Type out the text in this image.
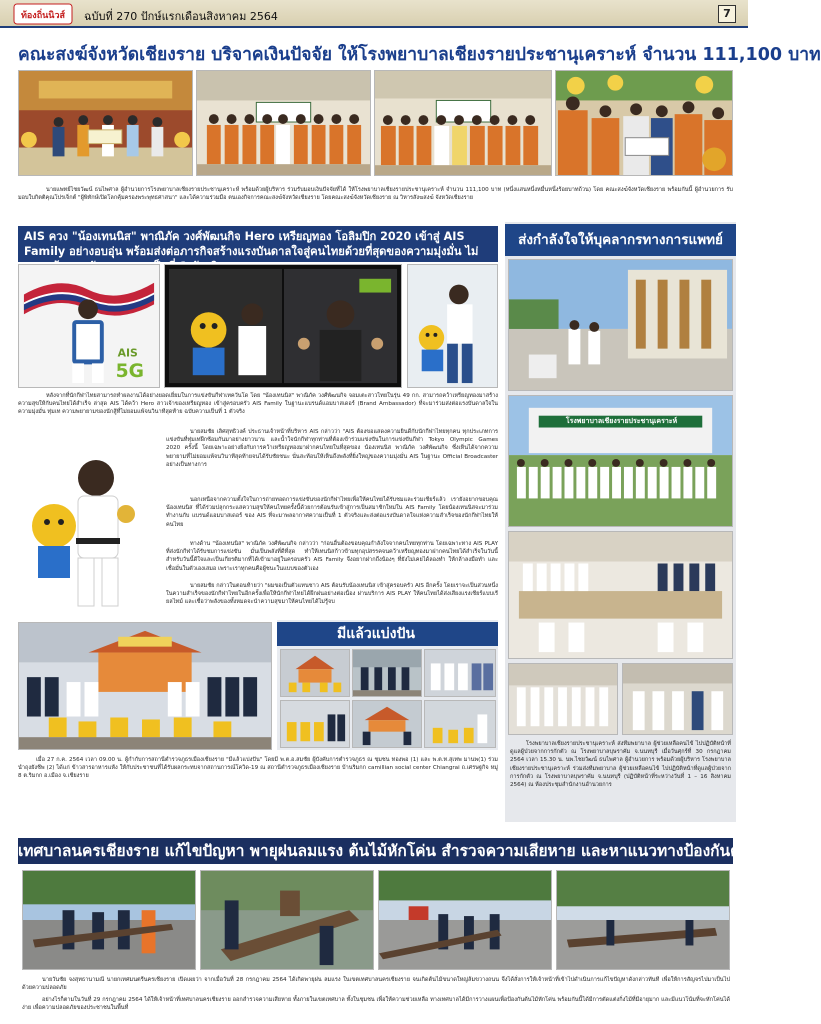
ท้องถิ่นนิวส์ ฉบับที่ 270 ปักษ์แรกเดือนสิงหาคม 2564	7
คณะสงฆ์จังหวัดเชียงราย บริจาคเงินปัจจัย ให้โรงพยาบาลเชียงรายประชานุเคราะห์ จำนวน 111,100 บาท
นายแพทย์ไชยวัฒน์ ธนไพศาล ผู้อำนวยการโรงพยาบาลเชียงรายประชานุเคราะห์ พร้อมด้วยผู้บริหาร ร่วมรับมอบเงินปัจจัยที่ได้ ให้โรงพยาบาลเชียงรายประชานุเคราะห์ จำนวน 111,100 บาท (หนึ่งแสนหนึ่งหมื่นหนึ่งร้อยบาทถ้วน) โดย คณะสงฆ์จังหวัดเชียงราย พร้อมกันนี้ ผู้อำนวยการ รับมอบใบกิตติคุณโปรเจ็กต์ "ผู้พิทักษ์เปิดโลกคุ้มครองพระพุทธศาสนา" และได้ความร่วมมือ ตนเองกิจการคณะสงฆ์จังหวัดเชียงราย โดยคณะสงฆ์จังหวัดเชียงราย ณ วิหารสังฆสงฆ์ จังหวัดเชียงราย
AIS ควง "น้องเทนนิส" พาณิภัค วงศ์พัฒนกิจ Hero เหรียญทอง โอลิมปิก 2020 เข้าสู่ AIS Family อย่างอบอุ่น พร้อมส่งต่อภารกิจสร้างแรงบันดาลใจสู่คนไทยด้วยที่สุดของความมุ่งมั่น ไม่ ป็นที่
AIS
5G
หลังจากที่นักกีฬาไทยสามารถทำผลงานได้อย่างยอดเยี่ยมในการแข่งขันกีฬาเทควันโด โดย "น้องเทนนิส" พาณิภัค วงศ์พัฒนกิจ จอมเตะสาวไทยในรุ่น 49 กก. สามารถคว้าเหรียญทองมาสร้างความสุขให้กับคนไทยได้สำเร็จ ล่าสุด AIS ได้คว้า Hero สาวเจ้าของเหรียญทอง เข้าสู่ครอบครัว AIS Family ในฐานะแบรนด์แอมบาสเดอร์ (Brand Ambassador) ที่จะมาร่วมส่งต่อแรงบันดาลใจในความมุ่งมั่น ทุ่มเท ความพยายามของนักสู้ที่ไม่ยอมแพ้จนวินาทีสุดท้าย ฉบับความเป็นที่ 1 ตัวจริง
นายสมชัย เลิศสุทธิวงค์ ประธานเจ้าหน้าที่บริหาร AIS กล่าวว่า "AIS ต้องขอแสดงความยินดีกับนักกีฬาไทยทุกคน ทุกประเภทการแข่งขันที่ทุ่มเทฝึกซ้อมกันมาอย่างยาวนาน และน้ำใจนักกีฬาทุกท่านที่ต้องเข้าร่วมแข่งขันในการแข่งขันกีฬา Tokyo Olympic Games 2020 ครั้งนี้ โดยเฉพาะอย่างยิ่งกับการคว้าเหรียญทองมาฝากคนไทยในที่สุดของ น้องเทนนิส พาณิภัค วงศ์พัฒนกิจ ซึ่งเห็นได้จากความพยายามที่ไม่ยอมแพ้จนวินาทีสุดท้ายจนได้รับชัยชนะ นั่นสะท้อนให้เห็นถึงพลังที่ยิ่งใหญ่ของความมุ่งมั่น AIS ในฐานะ Official Broadcaster อย่างเป็นทางการ
นอกเหนือจากความตั้งใจในการถ่ายทอดการแข่งขันของนักกีฬาไทยเพื่อให้คนไทยได้รับชมและร่วมเชียร์แล้ว เรายังอยากขอบคุณ น้องเทนนิส ที่ได้ร่วมปลุกกระแสความสุขให้คนไทยครั้งนี้ด้วยการต้อนรับเข้าสู่การเป็นสมาชิกใหม่ใน AIS Family โดยน้องเทนนิสจะมาร่วมทำงานกับ แบรนด์แอมบาสเดอร์ ของ AIS ที่จะมาพลอากาศความเป็นที่ 1 ตัวจริงและส่งต่อแรงบันดาลใจแห่งความสำเร็จของนักกีฬาไทยให้คนไทย
ทางด้าน "น้องเทนนิส" พาณิภัค วงศ์พัฒนกิจ กล่าวว่า "ก่อนอื่นต้องขอบคุณกำลังใจจากคนไทยทุกท่าน โดยเฉพาะทาง AIS PLAY ที่ส่งนักกีฬาได้รับชมการแข่งขัน มั่นเป็นพลังที่ดีที่สุด ทำให้เทนนิสก้าวข้ามทุกอุปสรรคจนคว้าเหรียญทองมาฝากคนไทยได้สำเร็จในวันนี้ สำหรับวันนี้ดีใจและเป็นเกียรติมากที่ได้เข้ามาอยู่ในครอบครัว AIS Family จึงอยากฝากถึงน้องๆ ที่ยังไม่เคยได้ลองทำ ให้กล้าลงมือทำ และเชื่อมั่นในตัวเองเสมอ เพราะเราทุกคนคือผู้ชนะในแบบของตัวเอง
นายสมชัย กล่าวในตอนท้ายว่า "ผมขอเป็นตัวแทนชาว AIS ต้อนรับน้องเทนนิส เข้าสู่ครอบครัว AIS อีกครั้ง โดยเราจะเป็นส่วนหนึ่งในความสำเร็จของนักกีฬาไทยในอีกครั้งเพื่อให้นักกีฬาไทยได้ฝึกฝนอย่างต่อเนื่อง ผ่านบริการ AIS PLAY ให้คนไทยได้ส่งเสียงแรงเชียร์แบบเรียลไทม์ และเชื่อว่าพลังของทั้งหมดจะนำความสุขมาให้คนไทยได้ไม่รู้จบ
มีแล้วแบ่งปัน
เมื่อ 27 ก.ค. 2564 เวลา 09.00 น. ผู้กำกับการสถานีตำรวจภูธรเมืองเชียงราย "มีแล้วแบ่งปัน" โดยมี พ.ต.อ.สมชัย ผู้บังคับการตำรวจภูธร ณ ชุมชน ทองพอ (1) และ พ.ต.ท.สุเทพ มานพ(1) ร่วมนำถุงยังชีพ (2) ได้แก่ ข้าวสารอาหารแห้ง ให้กับประชาชนที่ได้รับผลกระทบจากสถานการณ์โควิด-19 ณ สถานีตำรวจภูธรเมืองเชียงราย บ้านริมกก camillian social center Chiangrai ถ.เศรษฐกิจ หมู่ 8 ต.ริมกก อ.เมือง จ.เชียงราย
ส่งกำลังใจให้บุคลากรทางการแพทย์
โรงพยาบาลเชียงรายประชานุเคราะห์
โรงพยาบาลเชียงรายประชานุเคราะห์ ส่งทีมพยาบาล ผู้ช่วยเหลือคนไข้ ไปปฏิบัติหน้าที่ดูแลผู้ป่วยจากการกักตัว ณ โรงพยาบาลบุษราคัม จ.นนทบุรี เมื่อวันศุกร์ที่ 30 กรกฎาคม 2564 เวลา 15.30 น. นพ.ไชยวัฒน์ ธนไพศาล ผู้อำนวยการ พร้อมด้วยผู้บริหาร โรงพยาบาลเชียงรายประชานุเคราะห์ ร่วมส่งทีมพยาบาล ผู้ช่วยเหลือคนไข้ ไปปฏิบัติหน้าที่ดูแลผู้ป่วยจากการกักตัว ณ โรงพยาบาลบุษราคัม จ.นนทบุรี (ปฏิบัติหน้าที่ระหว่างวันที่ 1 – 16 สิงหาคม 2564) ณ ห้องประชุมสำนักงานอำนวยการ
เทศบาลนครเชียงราย แก้ไขปัญหา พายุฝนลมแรง ต้นไม้หักโค่น สำรวจความเสียหาย และหาแนวทางป้องกันต่อไป
นายวันชัย จงสุทธานามณี นายกเทศมนตรีนครเชียงราย เปิดเผยว่า จากเมื่อวันที่ 28 กรกฎาคม 2564 ได้เกิดพายุฝน ลมแรง ในเขตเทศบาลนครเชียงราย จนเกิดต้นไม้ขนาดใหญ่ล้มขวางถนน จึงได้สั่งการให้เจ้าหน้าที่เข้าไปดำเนินการแก้ไขปัญหาดังกล่าวทันที เพื่อให้การสัญจรไปมาเป็นไปด้วยความปลอดภัย
อย่างไรก็ตามในวันที่ 29 กรกฎาคม 2564 ได้ให้เจ้าหน้าที่เทศบาลนครเชียงราย ออกสำรวจความเสียหาย ทั้งภายในเขตเทศบาล ทั้งในชุมชน เพื่อให้ความช่วยเหลือ ทางเทศบาลได้มีการวางแผนเพื่อป้องกันต้นไม้หักโค่น พร้อมกันนี้ได้มีการตัดแต่งกิ่งไม้ที่มีอายุมาก และมีแนวโน้มที่จะหักโค่นได้ง่าย เพื่อความปลอดภัยของประชาชนในพื้นที่
